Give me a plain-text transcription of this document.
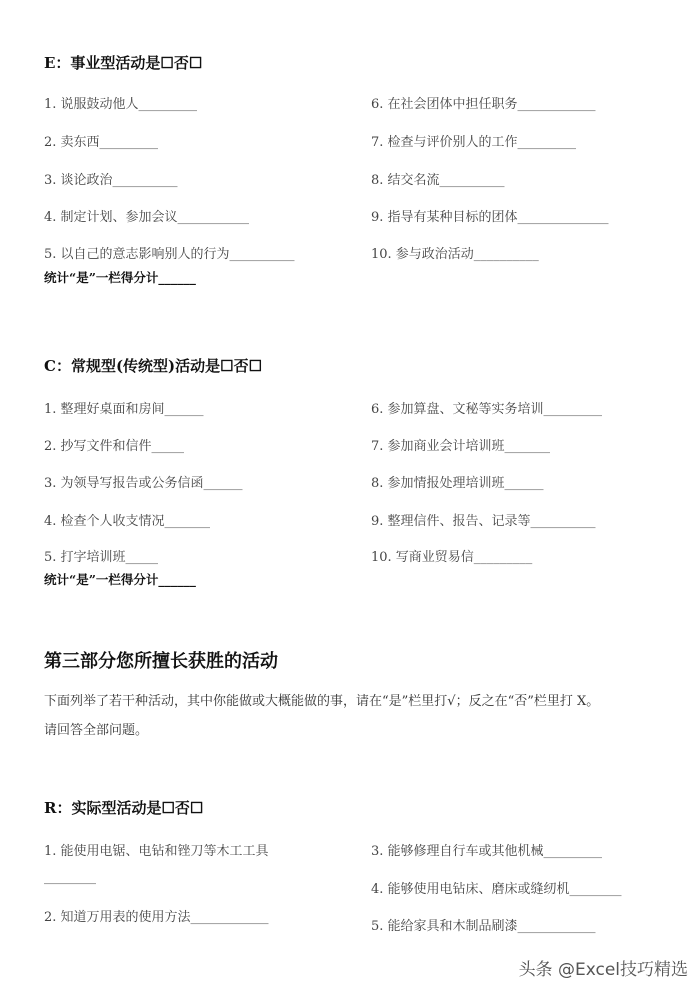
E：事业型活动是☐否☐
1. 说服鼓动他人_________
2. 卖东西_________
3. 谈论政治__________
4. 制定计划、参加会议___________
5. 以自己的意志影响别人的行为__________
6. 在社会团体中担任职务____________
7. 检查与评价别人的工作_________
8. 结交名流__________
9. 指导有某种目标的团体______________
10. 参与政治活动__________
统计“是”一栏得分计______
C：常规型(传统型)活动是☐否☐
1. 整理好桌面和房间______
2. 抄写文件和信件_____
3. 为领导写报告或公务信函______
4. 检查个人收支情况_______
5. 打字培训班_____
6. 参加算盘、文秘等实务培训_________
7. 参加商业会计培训班_______
8. 参加情报处理培训班______
9. 整理信件、报告、记录等__________
10. 写商业贸易信_________
统计“是”一栏得分计______
第三部分您所擅长获胜的活动
下面列举了若干种活动，其中你能做或大概能做的事，请在“是”栏里打√；反之在“否”栏里打 X。
请回答全部问题。
R：实际型活动是☐否☐
1. 能使用电锯、电钻和锉刀等木工工具
________
2. 知道万用表的使用方法____________
3. 能够修理自行车或其他机械_________
4. 能够使用电钻床、磨床或缝纫机________
5. 能给家具和木制品刷漆____________
头条 @Excel技巧精选
